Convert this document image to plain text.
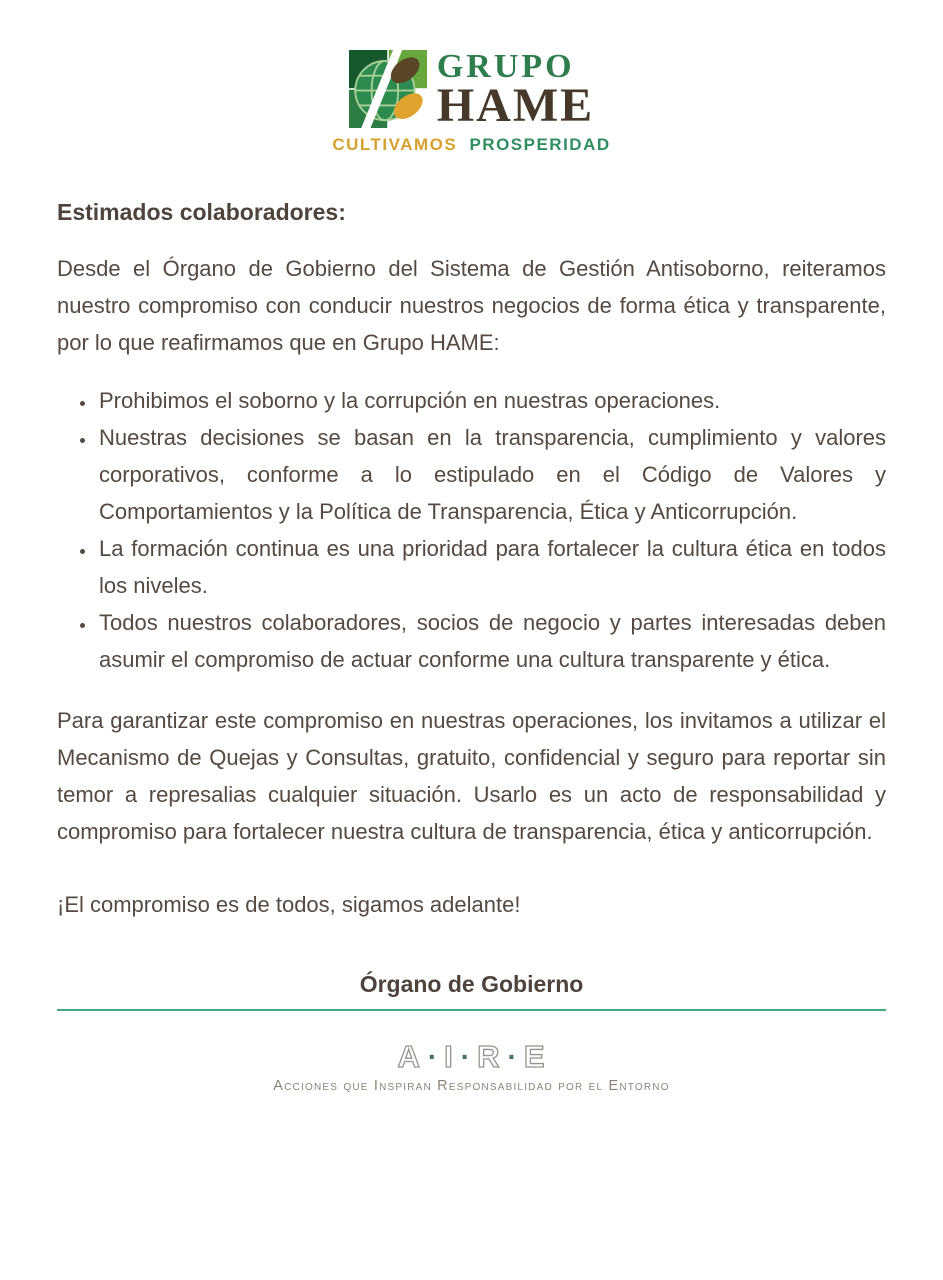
GRUPO
HAME
CULTIVAMOS PROSPERIDAD

Estimados colaboradores:

Desde el Órgano de Gobierno del Sistema de Gestión Antisoborno, reiteramos nuestro compromiso con conducir nuestros negocios de forma ética y transparente, por lo que reafirmamos que en Grupo HAME:

• Prohibimos el soborno y la corrupción en nuestras operaciones.
• Nuestras decisiones se basan en la transparencia, cumplimiento y valores corporativos, conforme a lo estipulado en el Código de Valores y Comportamientos y la Política de Transparencia, Ética y Anticorrupción.
• La formación continua es una prioridad para fortalecer la cultura ética en todos los niveles.
• Todos nuestros colaboradores, socios de negocio y partes interesadas deben asumir el compromiso de actuar conforme una cultura transparente y ética.

Para garantizar este compromiso en nuestras operaciones, los invitamos a utilizar el Mecanismo de Quejas y Consultas, gratuito, confidencial y seguro para reportar sin temor a represalias cualquier situación. Usarlo es un acto de responsabilidad y compromiso para fortalecer nuestra cultura de transparencia, ética y anticorrupción.

¡El compromiso es de todos, sigamos adelante!

Órgano de Gobierno

A · I · R · E
Acciones que Inspiran Responsabilidad por el Entorno
